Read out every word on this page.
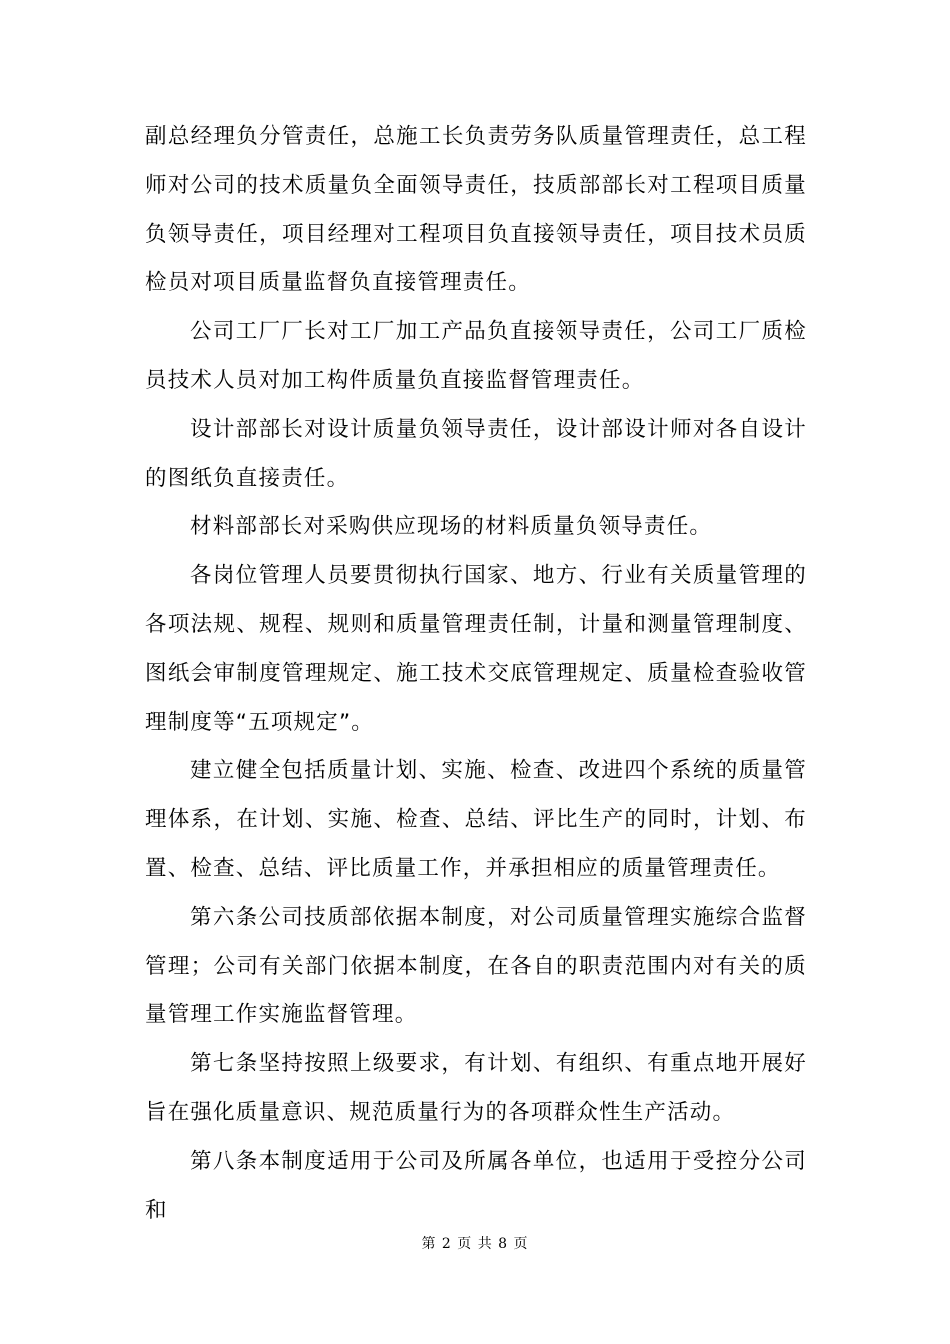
副总经理负分管责任，总施工长负责劳务队质量管理责任，总工程师对公司的技术质量负全面领导责任，技质部部长对工程项目质量负领导责任，项目经理对工程项目负直接领导责任，项目技术员质检员对项目质量监督负直接管理责任。

公司工厂厂长对工厂加工产品负直接领导责任，公司工厂质检员技术人员对加工构件质量负直接监督管理责任。

设计部部长对设计质量负领导责任，设计部设计师对各自设计的图纸负直接责任。

材料部部长对采购供应现场的材料质量负领导责任。

各岗位管理人员要贯彻执行国家、地方、行业有关质量管理的各项法规、规程、规则和质量管理责任制，计量和测量管理制度、图纸会审制度管理规定、施工技术交底管理规定、质量检查验收管理制度等“五项规定”。

建立健全包括质量计划、实施、检查、改进四个系统的质量管理体系，在计划、实施、检查、总结、评比生产的同时，计划、布置、检查、总结、评比质量工作，并承担相应的质量管理责任。

第六条公司技质部依据本制度，对公司质量管理实施综合监督管理；公司有关部门依据本制度，在各自的职责范围内对有关的质量管理工作实施监督管理。

第七条坚持按照上级要求，有计划、有组织、有重点地开展好旨在强化质量意识、规范质量行为的各项群众性生产活动。

第八条本制度适用于公司及所属各单位，也适用于受控分公司和

第 2 页 共 8 页
